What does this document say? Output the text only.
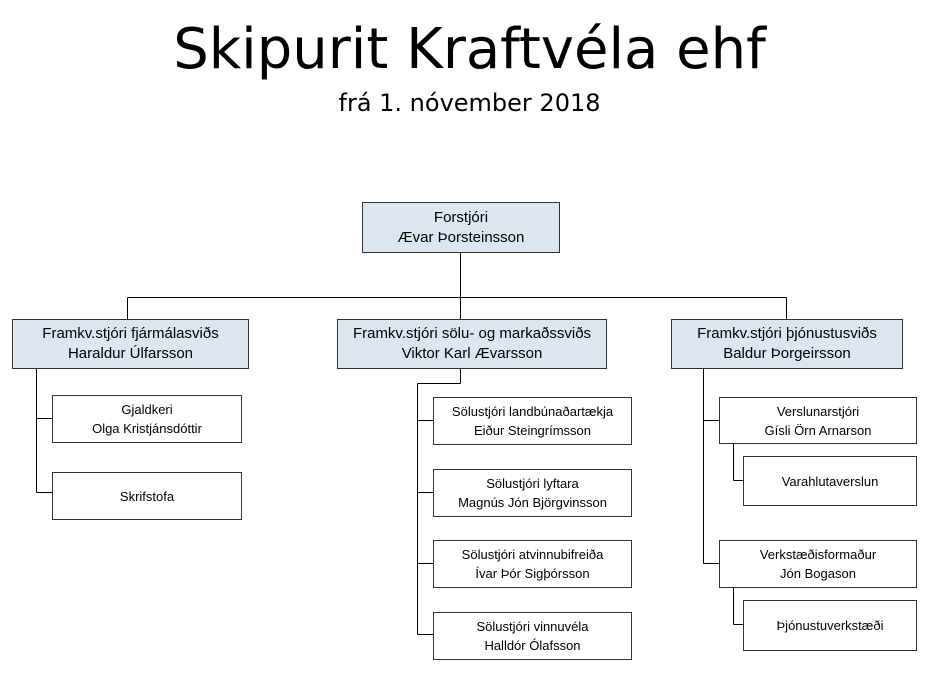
Skipurit Kraftvéla ehf
frá 1. nóvember 2018
Forstjóri
Ævar Þorsteinsson
Framkv.stjóri fjármálasviðs
Haraldur Úlfarsson
Framkv.stjóri sölu- og markaðssviðs
Viktor Karl Ævarsson
Framkv.stjóri þjónustusviðs
Baldur Þorgeirsson
Gjaldkeri
Olga Kristjánsdóttir
Skrifstofa
Sölustjóri landbúnaðartækja
Eiður Steingrímsson
Sölustjóri lyftara
Magnús Jón Björgvinsson
Sölustjóri atvinnubifreiða
Ívar Þór Sigþórsson
Sölustjóri vinnuvéla
Halldór Ólafsson
Verslunarstjóri
Gísli Örn Arnarson
Varahlutaverslun
Verkstæðisformaður
Jón Bogason
Þjónustuverkstæði
